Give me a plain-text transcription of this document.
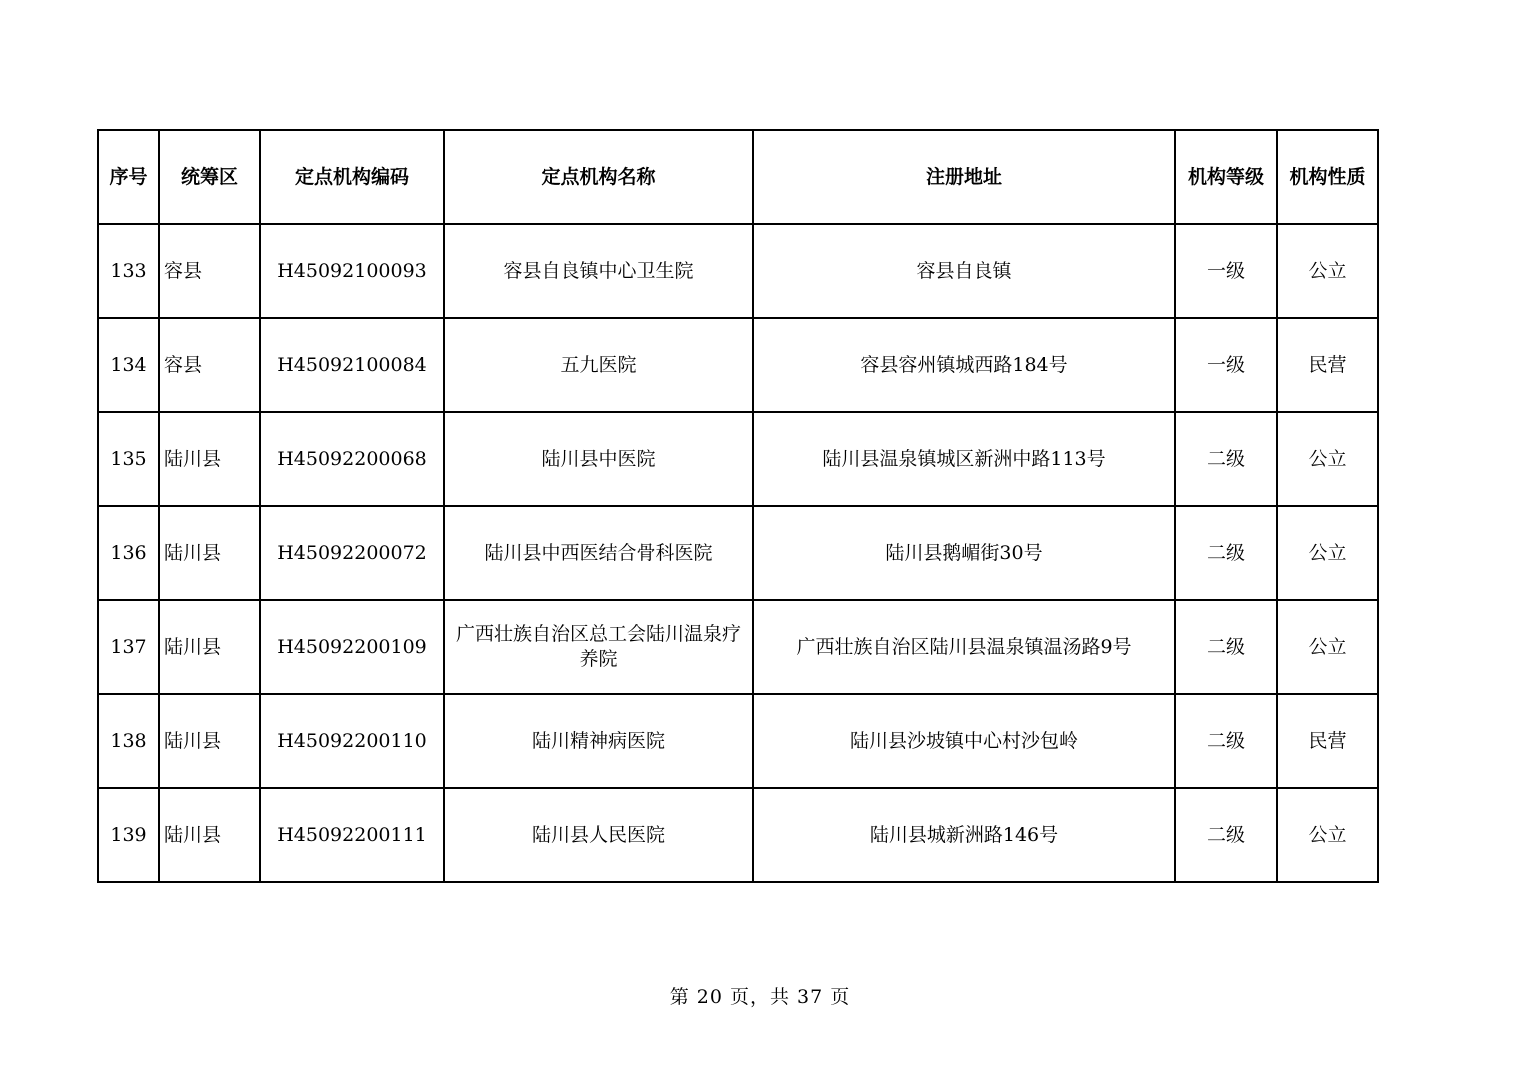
序号	统筹区	定点机构编码	定点机构名称	注册地址	机构等级	机构性质
133	容县	H45092100093	容县自良镇中心卫生院	容县自良镇	一级	公立
134	容县	H45092100084	五九医院	容县容州镇城西路184号	一级	民营
135	陆川县	H45092200068	陆川县中医院	陆川县温泉镇城区新洲中路113号	二级	公立
136	陆川县	H45092200072	陆川县中西医结合骨科医院	陆川县鹅嵋街30号	二级	公立
137	陆川县	H45092200109	广西壮族自治区总工会陆川温泉疗养院	广西壮族自治区陆川县温泉镇温汤路9号	二级	公立
138	陆川县	H45092200110	陆川精神病医院	陆川县沙坡镇中心村沙包岭	二级	民营
139	陆川县	H45092200111	陆川县人民医院	陆川县城新洲路146号	二级	公立
第 20 页，共 37 页
